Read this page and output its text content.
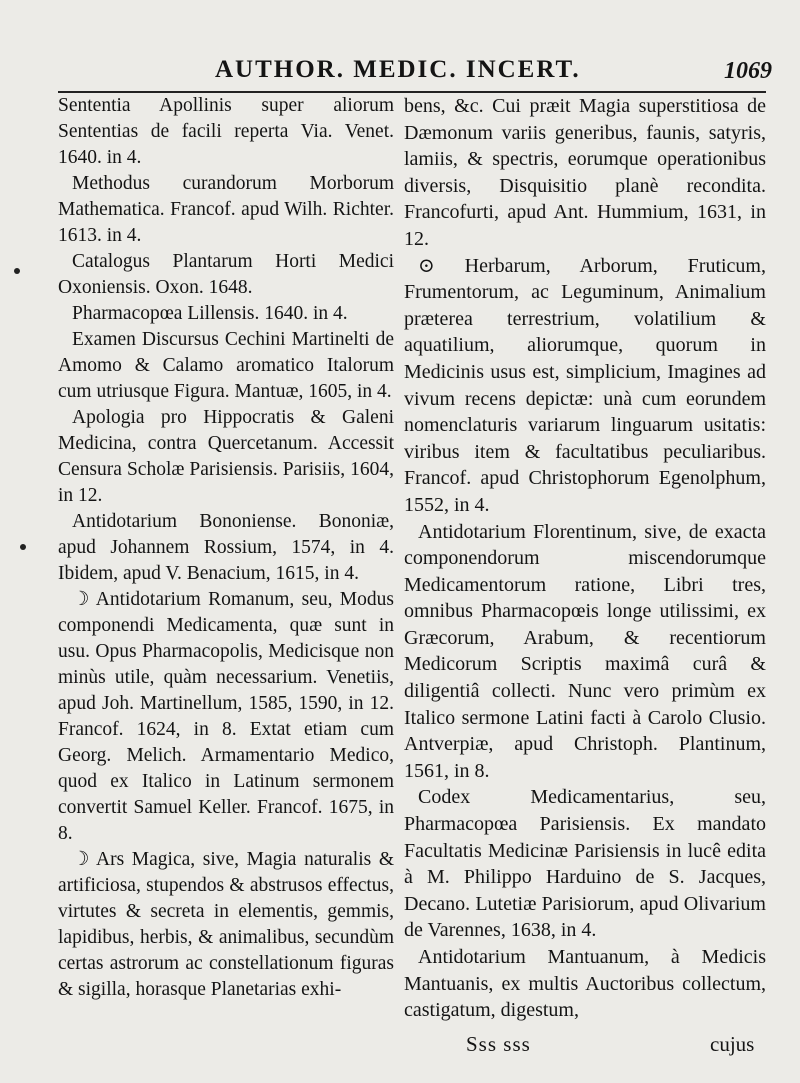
AUTHOR. MEDIC. INCERT.	1069

Sententia Apollinis super aliorum Sententias de facili reperta Via. Venet. 1640. in 4.

Methodus curandorum Morborum Mathematica. Francof. apud Wilh. Richter. 1613. in 4.

Catalogus Plantarum Horti Medici Oxoniensis. Oxon. 1648.

Pharmacopœa Lillensis. 1640. in 4.

Examen Discursus Cechini Martinelti de Amomo & Calamo aromatico Italorum cum utriusque Figura. Mantuæ, 1605, in 4.

Apologia pro Hippocratis & Galeni Medicina, contra Quercetanum. Accessit Censura Scholæ Parisiensis. Parisiis, 1604, in 12.

Antidotarium Bononiense. Bononiæ, apud Johannem Rossium, 1574, in 4. Ibidem, apud V. Benacium, 1615, in 4.

☽ Antidotarium Romanum, seu, Modus componendi Medicamenta, quæ sunt in usu. Opus Pharmacopolis, Medicisque non minùs utile, quàm necessarium. Venetiis, apud Joh. Martinellum, 1585, 1590, in 12. Francof. 1624, in 8. Extat etiam cum Georg. Melich. Armamentario Medico, quod ex Italico in Latinum sermonem convertit Samuel Keller. Francof. 1675, in 8.

☽ Ars Magica, sive, Magia naturalis & artificiosa, stupendos & abstrusos effectus, virtutes & secreta in elementis, gemmis, lapidibus, herbis, & animalibus, secundùm certas astrorum ac constellationum figuras & sigilla, horasque Planetarias exhi-

bens, &c. Cui præit Magia superstitiosa de Dæmonum variis generibus, faunis, satyris, lamiis, & spectris, eorumque operationibus diversis, Disquisitio planè recondita. Francofurti, apud Ant. Hummium, 1631, in 12.

⊙ Herbarum, Arborum, Fruticum, Frumentorum, ac Leguminum, Animalium præterea terrestrium, volatilium & aquatilium, aliorumque, quorum in Medicinis usus est, simplicium, Imagines ad vivum recens depictæ: unà cum eorundem nomenclaturis variarum linguarum usitatis: viribus item & facultatibus peculiaribus. Francof. apud Christophorum Egenolphum, 1552, in 4.

Antidotarium Florentinum, sive, de exacta componendorum miscendorumque Medicamentorum ratione, Libri tres, omnibus Pharmacopœis longe utilissimi, ex Græcorum, Arabum, & recentiorum Medicorum Scriptis maximâ curâ & diligentiâ collecti. Nunc vero primùm ex Italico sermone Latini facti à Carolo Clusio. Antverpiæ, apud Christoph. Plantinum, 1561, in 8.

Codex Medicamentarius, seu, Pharmacopœa Parisiensis. Ex mandato Facultatis Medicinæ Parisiensis in lucê edita à M. Philippo Harduino de S. Jacques, Decano. Lutetiæ Parisiorum, apud Olivarium de Varennes, 1638, in 4.

Antidotarium Mantuanum, à Medicis Mantuanis, ex multis Auctoribus collectum, castigatum, digestum,

Sss sss	cujus
